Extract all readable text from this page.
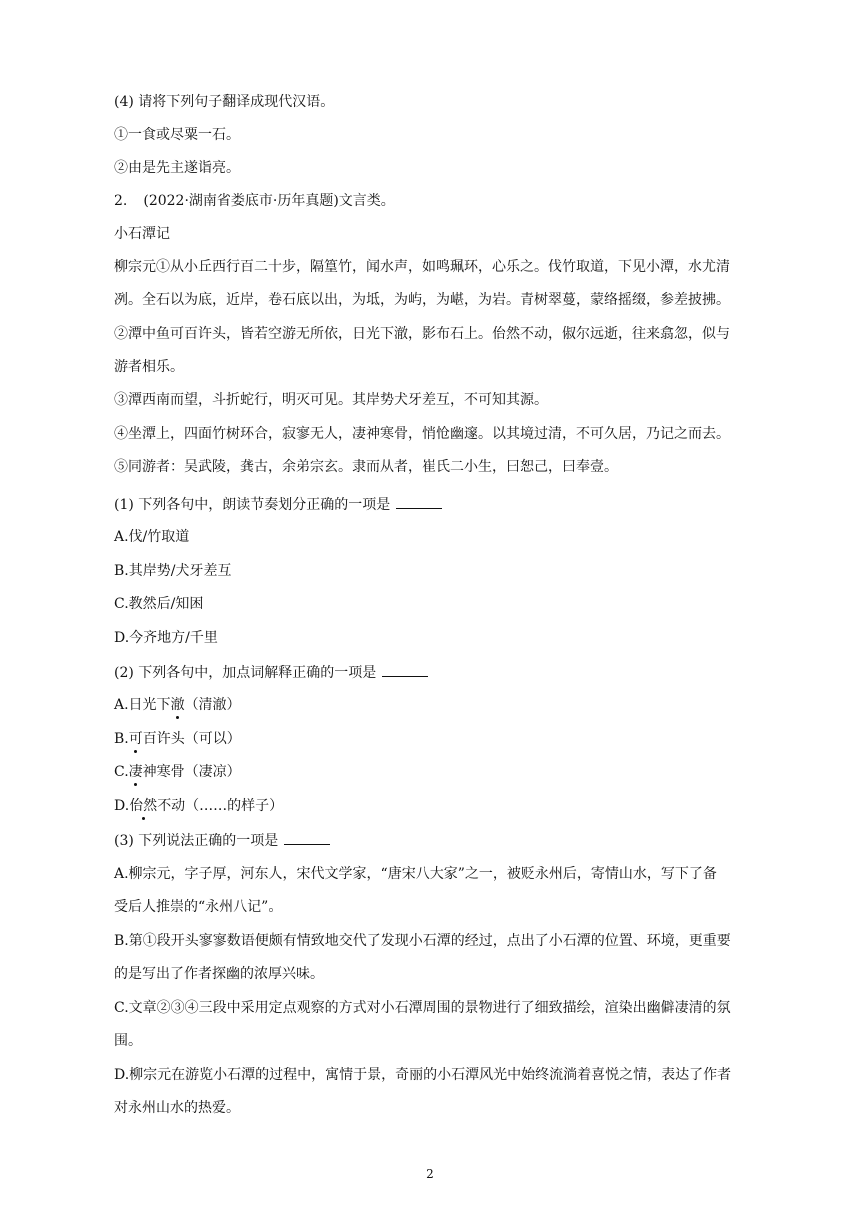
(4) 请将下列句子翻译成现代汉语。
①一食或尽粟一石。
②由是先主遂诣亮。
2. (2022·湖南省娄底市·历年真题)文言类。
小石潭记
柳宗元①从小丘西行百二十步，隔篁竹，闻水声，如鸣珮环，心乐之。伐竹取道，下见小潭，水尤清
冽。全石以为底，近岸，卷石底以出，为坻，为屿，为嵁，为岩。青树翠蔓，蒙络摇缀，参差披拂。
②潭中鱼可百许头，皆若空游无所依，日光下澈，影布石上。佁然不动，俶尔远逝，往来翕忽，似与
游者相乐。
③潭西南而望，斗折蛇行，明灭可见。其岸势犬牙差互，不可知其源。
④坐潭上，四面竹树环合，寂寥无人，凄神寒骨，悄怆幽邃。以其境过清，不可久居，乃记之而去。
⑤同游者：吴武陵，龚古，余弟宗玄。隶而从者，崔氏二小生，曰恕己，曰奉壹。
(1) 下列各句中，朗读节奏划分正确的一项是
A.伐/竹取道
B.其岸势/犬牙差互
C.教然后/知困
D.今齐地方/千里
(2) 下列各句中，加点词解释正确的一项是
A.日光下澈（清澈）
B.可百许头（可以）
C.凄神寒骨（凄凉）
D.佁然不动（……的样子）
(3) 下列说法正确的一项是
A.柳宗元，字子厚，河东人，宋代文学家，“唐宋八大家”之一，被贬永州后，寄情山水，写下了备
受后人推崇的“永州八记”。
B.第①段开头寥寥数语便颇有情致地交代了发现小石潭的经过，点出了小石潭的位置、环境，更重要
的是写出了作者探幽的浓厚兴味。
C.文章②③④三段中采用定点观察的方式对小石潭周围的景物进行了细致描绘，渲染出幽僻凄清的氛
围。
D.柳宗元在游览小石潭的过程中，寓情于景，奇丽的小石潭风光中始终流淌着喜悦之情，表达了作者
对永州山水的热爱。
2
